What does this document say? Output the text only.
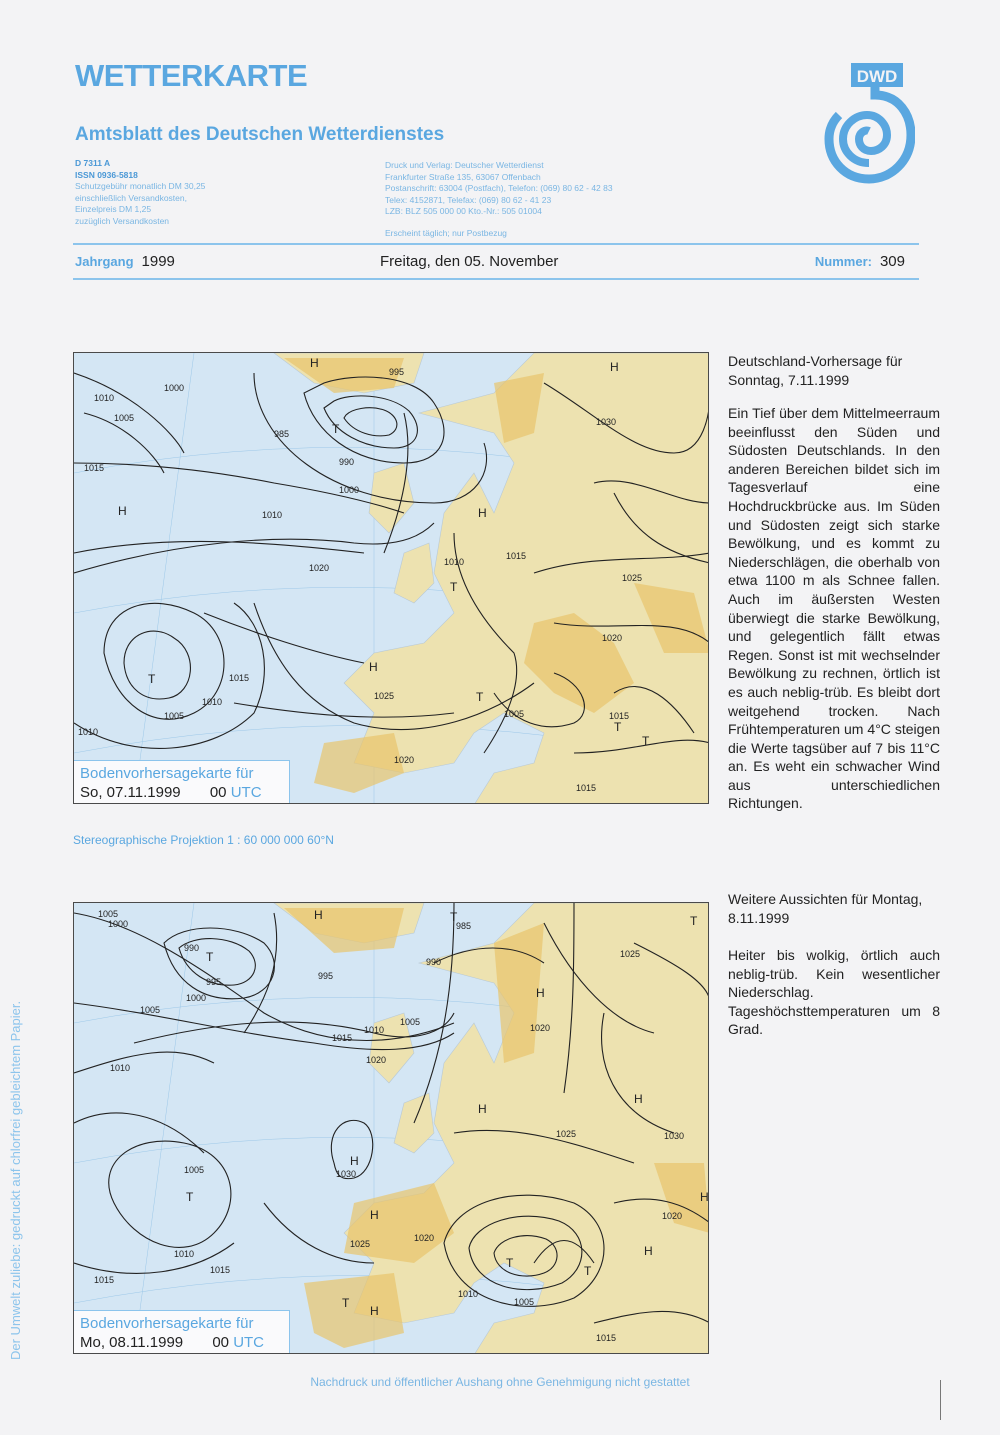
WETTERKARTE
Amtsblatt des Deutschen Wetterdienstes
D 7311 A
ISSN 0936-5818
Schutzgebühr monatlich DM 30,25
einschließlich Versandkosten,
Einzelpreis DM 1,25
zuzüglich Versandkosten
Druck und Verlag: Deutscher Wetterdienst
Frankfurter Straße 135, 63067 Offenbach
Postanschrift: 63004 (Postfach), Telefon: (069) 80 62 - 42 83
Telex: 4152871, Telefax: (069) 80 62 - 41 23
LZB: BLZ 505 000 00 Kto.-Nr.: 505 01004
Erscheint täglich; nur Postbezug
DWD
Jahrgang 1999	Freitag, den 05. November	Nummer: 309
1000
1010
1005
995
985
990
1000
1015
1010
1020
1015
1010
1005
1025
1030
1025
1020
1015
1005	1015
1010
1020
1015
1010
H
T
T
H
H
T
H
T
T
T
H
Bodenvorhersagekarte für
So, 07.11.1999 00 UTC
Stereographische Projektion 1 : 60 000 000 60°N
1005
1000
990
995
1000
1005
1010
995
990
985
1005
1010
1015
1020
1025
1020
1030
1030
1025
1010
1005
1015
1020
1025
1010
1005
1015
1020
1015
H
T
T
T
H
H
T
H
H
H
T
H
T
H
H
T
Bodenvorhersagekarte für
Mo, 08.11.1999 00 UTC
Deutschland-Vorhersage für Sonntag, 7.11.1999
Ein Tief über dem Mittelmeerraum beeinflusst den Süden und Südosten Deutschlands. In den anderen Bereichen bildet sich im Tagesverlauf eine Hochdruckbrücke aus. Im Süden und Südosten zeigt sich starke Bewölkung, und es kommt zu Niederschlägen, die oberhalb von etwa 1100 m als Schnee fallen. Auch im äußersten Westen überwiegt die starke Bewölkung, und gelegentlich fällt etwas Regen. Sonst ist mit wechselnder Bewölkung zu rechnen, örtlich ist es auch neblig-trüb. Es bleibt dort weitgehend trocken. Nach Frühtemperaturen um 4°C steigen die Werte tagsüber auf 7 bis 11°C an. Es weht ein schwacher Wind aus unterschiedlichen Richtungen.
Weitere Aussichten für Montag, 8.11.1999
Heiter bis wolkig, örtlich auch neblig-trüb. Kein wesentlicher Niederschlag. Tageshöchsttemperaturen um 8 Grad.
Der Umwelt zuliebe: gedruckt auf chlorfrei gebleichtem Papier.
Nachdruck und öffentlicher Aushang ohne Genehmigung nicht gestattet
